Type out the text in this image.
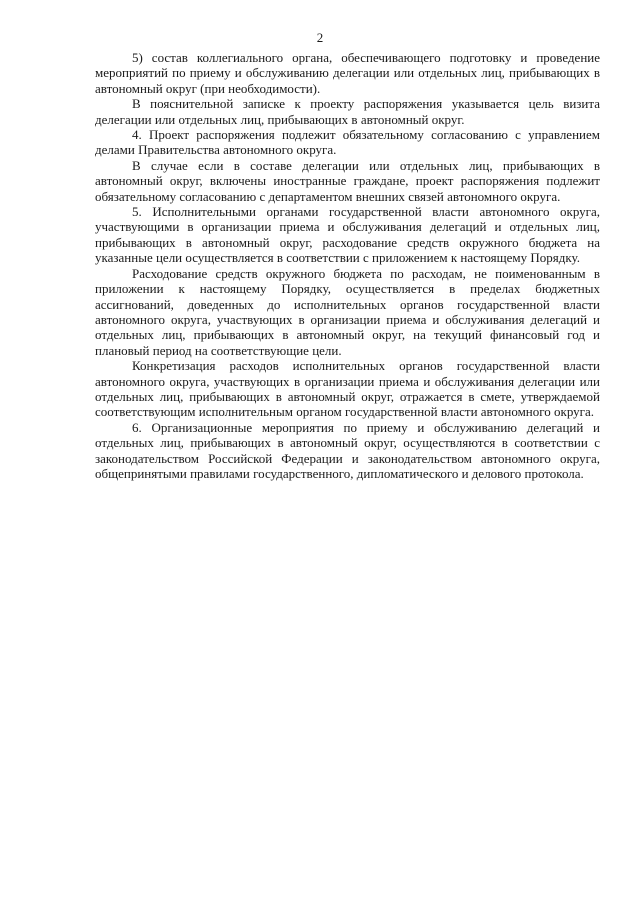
2

5) состав коллегиального органа, обеспечивающего подготовку и проведение мероприятий по приему и обслуживанию делегации или отдельных лиц, прибывающих в автономный округ (при необходимости).

В пояснительной записке к проекту распоряжения указывается цель визита делегации или отдельных лиц, прибывающих в автономный округ.

4. Проект распоряжения подлежит обязательному согласованию с управлением делами Правительства автономного округа.

В случае если в составе делегации или отдельных лиц, прибывающих в автономный округ, включены иностранные граждане, проект распоряжения подлежит обязательному согласованию с департаментом внешних связей автономного округа.

5. Исполнительными органами государственной власти автономного округа, участвующими в организации приема и обслуживания делегаций и отдельных лиц, прибывающих в автономный округ, расходование средств окружного бюджета на указанные цели осуществляется в соответствии с приложением к настоящему Порядку.

Расходование средств окружного бюджета по расходам, не поименованным в приложении к настоящему Порядку, осуществляется в пределах бюджетных ассигнований, доведенных до исполнительных органов государственной власти автономного округа, участвующих в организации приема и обслуживания делегаций и отдельных лиц, прибывающих в автономный округ, на текущий финансовый год и плановый период на соответствующие цели.

Конкретизация расходов исполнительных органов государственной власти автономного округа, участвующих в организации приема и обслуживания делегации или отдельных лиц, прибывающих в автономный округ, отражается в смете, утверждаемой соответствующим исполнительным органом государственной власти автономного округа.

6. Организационные мероприятия по приему и обслуживанию делегаций и отдельных лиц, прибывающих в автономный округ, осуществляются в соответствии с законодательством Российской Федерации и законодательством автономного округа, общепринятыми правилами государственного, дипломатического и делового протокола.
